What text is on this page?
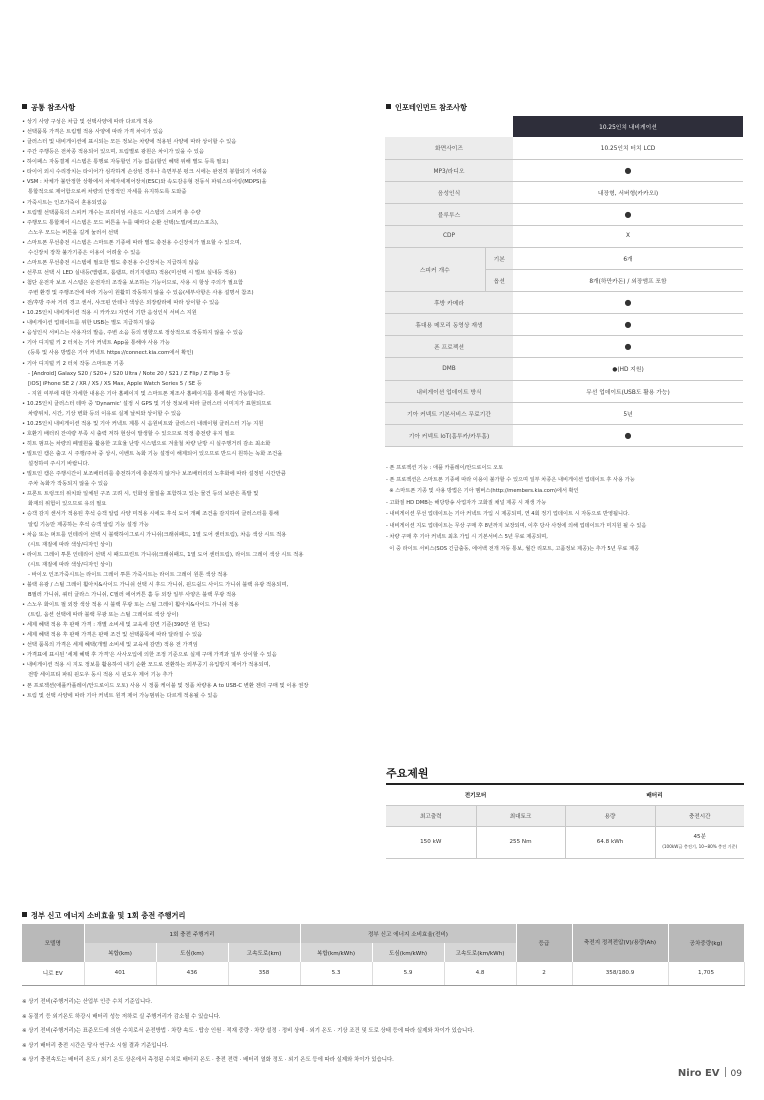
공통 참조사항
• 상기 사양 구성은 차급 및 선택사양에 따라 다르게 적용
• 선택품목 가격은 트림별 적용 사양에 따라 가격 차이가 있음
• 클러스터 및 내비게이션에 표시되는 모든 정보는 차량에 적용된 사양에 따라 상이할 수 있음
• 주간 주행등은 전차종 적용되어 있으며, 트림별로 광원은 차이가 있을 수 있음
• 하이패스 자동결제 시스템은 통행료 자동할인 기능 없음(할인 혜택 위해 별도 등록 필요)
• 타이어 외시 수리장치는 타이어가 심각하게 손상된 경우나 측면부분 펑크 시에는 완전히 봉합되기 어려움
• VSM : 차체가 불안정한 상황에서 차체자세제어장치(ESC)와 속도감응형 전동식 파워스티어링(MDPS)을
통합적으로 제어함으로써 차량의 안정적인 자세를 유지하도록 도와줌
• 가죽시트는 인조가죽이 혼용되었음
• 트림별 선택품목의 스피커 개수는 프리미엄 사운드 시스템의 스피커 총 수량
• 주행모드 통합제어 시스템은 모드 버튼을 누를 때마다 순환 선택(노멀/에코/스포츠),
스노우 모드는 버튼을 길게 눌러서 선택
• 스마트폰 무선충전 시스템은 스마트폰 기종에 따라 별도 충전용 수신장치가 필요할 수 있으며,
수신장치 장착 불가기종은 이용이 어려울 수 있음
• 스마트폰 무선충전 시스템에 필요한 별도 충전용 수신장치는 지급하지 않음
• 선루프 선택 시 LED 실내등(맵램프, 룸램프, 러기지램프) 적용(미선택 시 벌브 실내등 적용)
• 첨단 운전자 보조 시스템은 운전자의 조작을 보조하는 기능이므로, 사용 시 항상 주의가 필요함
주변 환경 및 주행조건에 따라 기능이 원활히 작동하지 않을 수 있음(세부사항은 사용 설명서 참조)
• 전/후방 주차 거리 경고 센서, 샤크핀 안테나 색상은 외장칼라에 따라 상이할 수 있음
• 10.25인치 내비게이션 적용 시 카카오i 자연어 기반 음성인식 서비스 지원
• 내비게이션 업데이트를 위한 USB는 별도 지급하지 않음
• 음성인식 서비스는 사용자의 발음, 주변 소음 등의 영향으로 정상적으로 작동하지 않을 수 있음
• 기아 디지털 키 2 터치는 기아 커넥트 App을 통해야 사용 가능
(등록 및 사용 방법은 기아 커넥트 https://connect.kia.com에서 확인)
• 기아 디지털 키 2 터치 작동 스마트폰 기종
- [Android] Galaxy S20 / S20+ / S20 Ultra / Note 20 / S21 / Z Flip / Z Flip 3 등
[iOS] iPhone SE 2 / XR / XS / XS Max, Apple Watch Series 5 / SE 등
- 지원 여부에 대한 자세한 내용은 기아 홈페이지 및 스마트폰 제조사 홈페이지를 통해 확인 가능합니다.
• 10.25인치 클러스터 테마 중 'Dynamic' 설정 시 GPS 및 기상 정보에 따라 클러스터 이미지가 표현되므로
차량위치, 시간, 기상 변화 등의 이유로 실제 날씨와 상이할 수 있음
• 10.25인치 내비게이션 적용 및 기아 커넥트 계통 시 음원비트와 클러스터 내레이형 클러스터 기능 지원
• 호환기 배터리 잔여량 부족 시 출력 저하 현상이 발생할 수 있으므로 적정 충전량 유지 필요
• 히트 펌프는 차량의 폐열원을 활용한 고효율 난방 시스템으로 겨울철 차량 난방 시 실주행거리 감소 최소화
• 빌트인 캠은 출고 시 주행/주차 중 상시, 이벤트 녹화 기능 설정이 해제되어 있으므로 반드시 원하는 녹화 조건을
설정하여 주시기 바랍니다.
• 빌트인 캠은 주행시간이 보조배터리를 충전하기에 충분하지 않거나 보조배터리의 노후화에 따라 설정된 시간만큼
주차 녹화가 작동되지 않을 수 있음
• 프론트 트렁크의 위치와 일체된 구조 고려 시, 인화성 물질을 포함하고 있는 물건 등의 보관은 폭발 및
화재의 위험이 있으므로 유의 필요
• 승객 감지 센서가 적용된 후석 승객 알림 사양 미적용 시에도 후석 도어 개폐 조건을 감지하여 클러스터를 통해
알림 기능만 제공하는 후석 승객 알림 기능 설정 가능
• 차음 또는 퍼트를 인테리어 선택 시 블랙하이그로시 가니쉬(크래쉬패드, 1열 도어 센터트림), 차음 색상 시트 적용
(시트 재질에 따라 색상/디자인 상이)
• 라이트 그레이 투톤 인테리어 선택 시 패드프린트 가니쉬(크래쉬패드, 1열 도어 센터트림), 라이트 그레이 색상 시트 적용
(시트 재질에 따라 색상/디자인 상이)
- 바이오 인조가죽시트는 라이트 그레이 투톤 가죽시트는 라이트 그레이 원톤 색상 적용
• 블랙 유광 / 스틸 그레이 휠아치&사이드 가니쉬 선택 시 후드 가니쉬, 윈드쉴드 사이드 가니쉬 블랙 유광 적용되며,
B필러 가니쉬, 쿼터 글라스 가니쉬, C필러 에어커튼 홀 등 외장 일부 사양은 블랙 무광 적용
• 스노우 화이트 펄 외장 색상 적용 시 블랙 무광 또는 스틸 그레이 휠아치&사이드 가니쉬 적용
(트림, 옵션 선택에 따라 블랙 무광 또는 스틸 그레이로 색상 상이)
• 세제 혜택 적용 후 판매 가격 : 개별 소비세 및 교육세 감면 기준(390만 원 한도)
• 세제 혜택 적용 후 판매 가격은 판매 조건 및 선택품목에 따라 달라질 수 있음
• 선택 품목의 가격은 세제 혜택(개별 소비세 및 교육세 감면) 적용 전 가격임
• 가격표에 표시된 '세제 혜택 후 가격'은 사사오입에 의한 조정 기준으로 실제 구매 가격과 일부 상이할 수 있음
• 내비게이션 적용 시 지도 정보를 활용하여 내기 순환 모드로 전환하는 외부공기 유입방지 제어가 적용되며,
전방 세이프티 파워 윈도우 동시 적용 시 윈도우 제어 기능 추가
• 폰 프로젝션(애플카플레이/안드로이드 오토) 사용 시 정품 케이블 및 정품 차량용 A to USB-C 변환 젠더 구매 및 이용 권장
• 트림 및 선택 사양에 따라 기아 커넥트 원격 제어 가능범위는 다르게 적용될 수 있음
인포테인먼트 참조사항
		10.25인치 내비게이션
화면사이즈		10.25인치 터치 LCD
MP3/라디오		●
음성인식		내장형, 서버형(카카오i)
블루투스		●
CDP		X
스피커 개수	기본	6개
	옵션	8개(하만카돈) / 외장앰프 포함
후방 카메라		●
휴대용 메모리 동영상 재생		●
폰 프로젝션		●
DMB		●(HD 지원)
내비게이션 업데이트 방식		무선 업데이트(USB도 활용 가능)
기아 커넥트 기본서비스 무료기간		5년
기아 커넥트 IoT(홈투카/카투홈)		●
- 폰 프로젝션 기능 : 애플 카플레이/안드로이드 오토
- 폰 프로젝션은 스마트폰 기종에 따라 이용이 불가할 수 있으며 일부 차종은 내비게이션 업데이트 후 사용 가능
※ 스마트폰 기종 및 사용 방법은 기아 멤버스(http://members.kia.com)에서 확인
- 고화질 HD DMB는 해당방송 사업자가 고화질 채널 제공 시 재생 가능
- 내비게이션 무선 업데이트는 기아 커넥트 가입 시 제공되며, 연 4회 정기 업데이트 시 자동으로 반영됩니다.
- 내비게이션 지도 업데이트는 무상 구매 후 8년까지 보장되며, 이후 당사 사정에 의해 업데이트가 미지원 될 수 있음
- 차량 구매 후 기아 커넥트 최초 가입 시 기본서비스 5년 무료 제공되며,
이 중 라이트 서비스(SOS 긴급출동, 에어백 전개 자동 통보, 월간 리포트, 고품정보 제공)는 추가 5년 무료 제공
주요제원
전기모터		배터리	
최고출력	최대토크	용량	충전시간
150 kW	255 Nm	64.8 kWh	45분
(100kW급 충전기, 10~80% 충전 기준)
정부 신고 에너지 소비효율 및 1회 충전 주행거리
모델명	1회 충전 주행거리			정부 신고 에너지 소비효율(전비)			등급	축전지 정격전압(V)/용량(Ah)	공차중량(kg)
	복합(km)	도심(km)	고속도로(km)	복합(km/kWh)	도심(km/kWh)	고속도로(km/kWh)			
니로 EV	401	436	358	5.3	5.9	4.8	2	358/180.9	1,705
※ 상기 전비(주행거리)는 산업부 인증 수치 기준입니다.
※ 동절기 등 외기온도 하강시 배터리 성능 저하로 실 주행거리가 감소될 수 있습니다.
※ 상기 전비(주행거리)는 표준모드에 의한 수치로서 운전방법 · 차량 속도 · 탑승 인원 · 적재 중량 · 차량 설정 · 정비 상태 · 외기 온도 · 기상 조건 및 도로 상태 등에 따라 실제와 차이가 있습니다.
※ 상기 배터리 충전 시간은 당사 연구소 시험 결과 기준입니다.
※ 상기 충전속도는 배터리 온도 / 외기 온도 상온에서 측정된 수치로 배터리 온도 · 충전 전력 · 배터리 열화 정도 · 외기 온도 등에 따라 실제와 차이가 있습니다.
Niro EV 09
